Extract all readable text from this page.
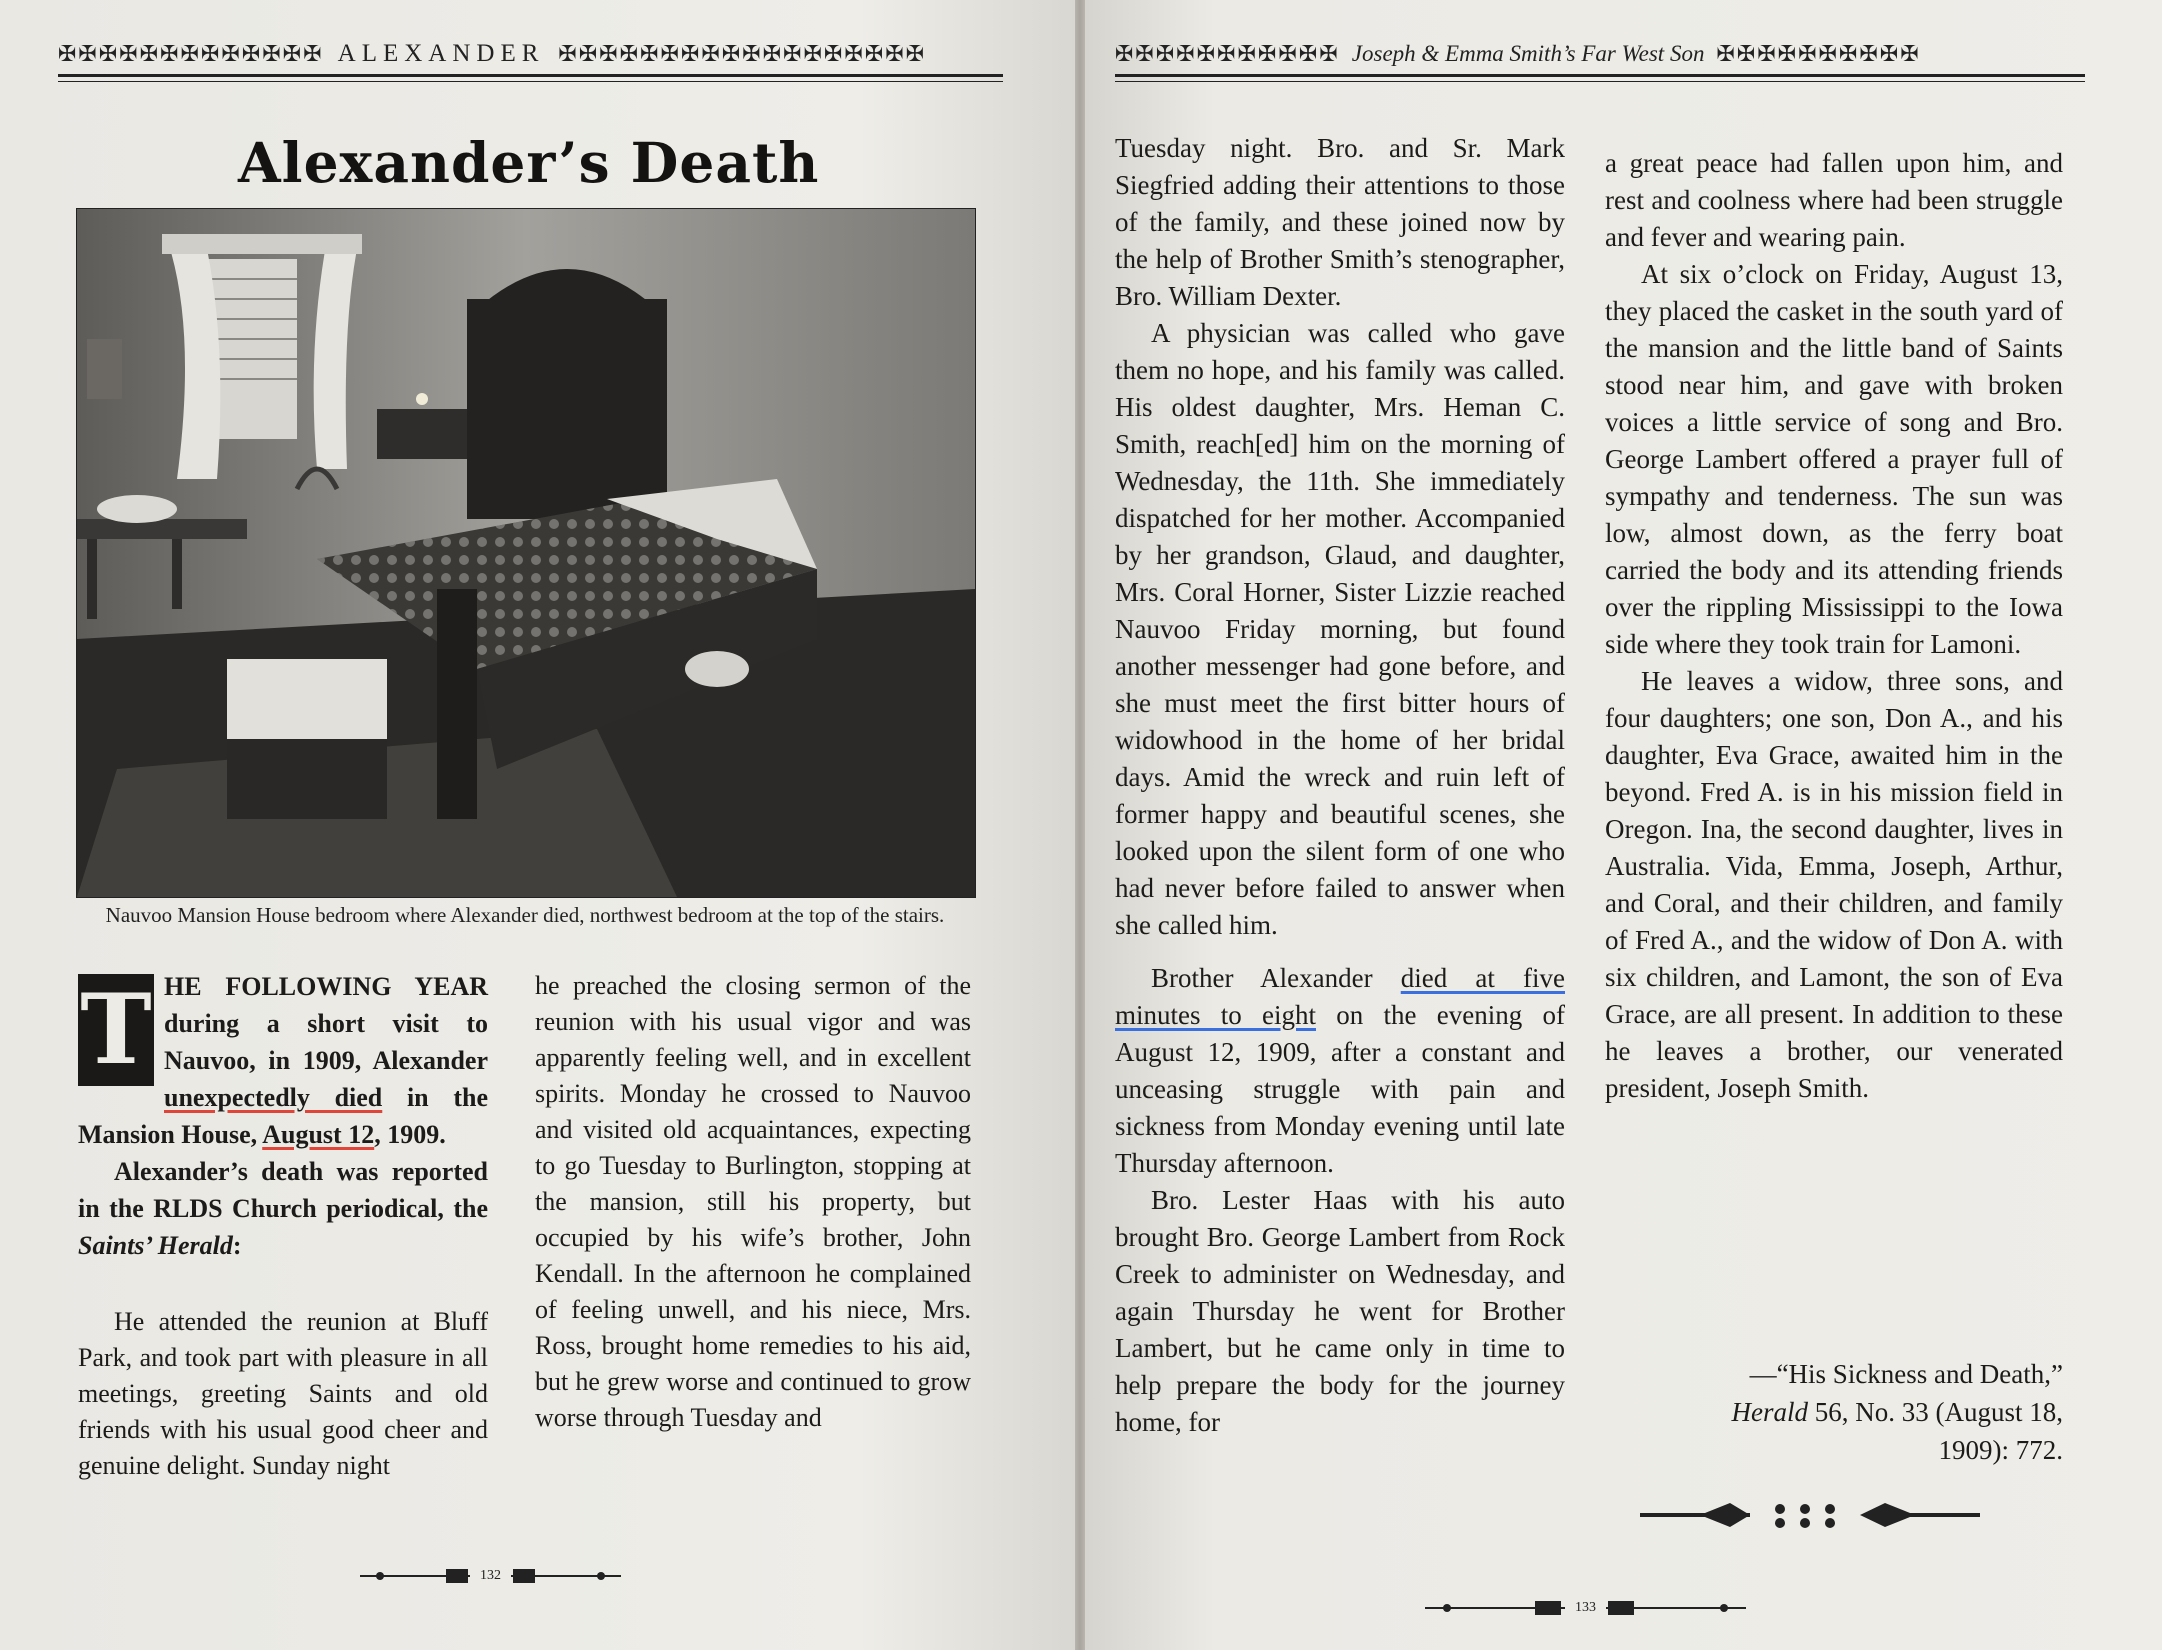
✠✠✠✠✠✠✠✠✠✠✠✠✠ ALEXANDER ✠✠✠✠✠✠✠✠✠✠✠✠✠✠✠✠✠✠
Alexander’s Death
Nauvoo Mansion House bedroom where Alexander died, northwest bedroom at the top of the stairs.

T HE FOLLOWING YEAR during a short visit to Nauvoo, in 1909, Alexander unexpectedly died in the Mansion House, August 12, 1909.

Alexander’s death was reported in the RLDS Church periodical, the Saints’ Herald:

He attended the reunion at Bluff Park, and took part with pleasure in all meetings, greeting Saints and old friends with his usual good cheer and genuine delight. Sunday night

he preached the closing sermon of the reunion with his usual vigor and was apparently feeling well, and in excellent spirits. Monday he crossed to Nauvoo and visited old acquaintances, expecting to go Tuesday to Burlington, stopping at the mansion, still his property, but occupied by his wife’s brother, John Kendall. In the afternoon he complained of feeling unwell, and his niece, Mrs. Ross, brought home remedies to his aid, but he grew worse and continued to grow worse through Tuesday and

132
✠✠✠✠✠✠✠✠✠✠✠ Joseph & Emma Smith’s Far West Son ✠✠✠✠✠✠✠✠✠✠

Tuesday night. Bro. and Sr. Mark Siegfried adding their attentions to those of the family, and these joined now by the help of Brother Smith’s stenographer, Bro. William Dexter.

A physician was called who gave them no hope, and his family was called. His oldest daughter, Mrs. Heman C. Smith, reach[ed] him on the morning of Wednesday, the 11th. She immediately dispatched for her mother. Accompanied by her grandson, Glaud, and daughter, Mrs. Coral Horner, Sister Lizzie reached Nauvoo Friday morning, but found another messenger had gone before, and she must meet the first bitter hours of widowhood in the home of her bridal days. Amid the wreck and ruin left of former happy and beautiful scenes, she looked upon the silent form of one who had never before failed to answer when she called him.

Brother Alexander died at five minutes to eight on the evening of August 12, 1909, after a constant and unceasing struggle with pain and sickness from Monday evening until late Thursday afternoon.

Bro. Lester Haas with his auto brought Bro. George Lambert from Rock Creek to administer on Wednesday, and again Thursday he went for Brother Lambert, but he came only in time to help prepare the body for the journey home, for

a great peace had fallen upon him, and rest and coolness where had been struggle and fever and wearing pain.

At six o’clock on Friday, August 13, they placed the casket in the south yard of the mansion and the little band of Saints stood near him, and gave with broken voices a little service of song and Bro. George Lambert offered a prayer full of sympathy and tenderness. The sun was low, almost down, as the ferry boat carried the body and its attending friends over the rippling Mississippi to the Iowa side where they took train for Lamoni.

He leaves a widow, three sons, and four daughters; one son, Don A., and his daughter, Eva Grace, awaited him in the beyond. Fred A. is in his mission field in Oregon. Ina, the second daughter, lives in Australia. Vida, Emma, Joseph, Arthur, and Coral, and their children, and family of Fred A., and the widow of Don A. with six children, and Lamont, the son of Eva Grace, are all present. In addition to these he leaves a brother, our venerated president, Joseph Smith.

—“His Sickness and Death,”
Herald 56, No. 33 (August 18,
1909): 772.
133
